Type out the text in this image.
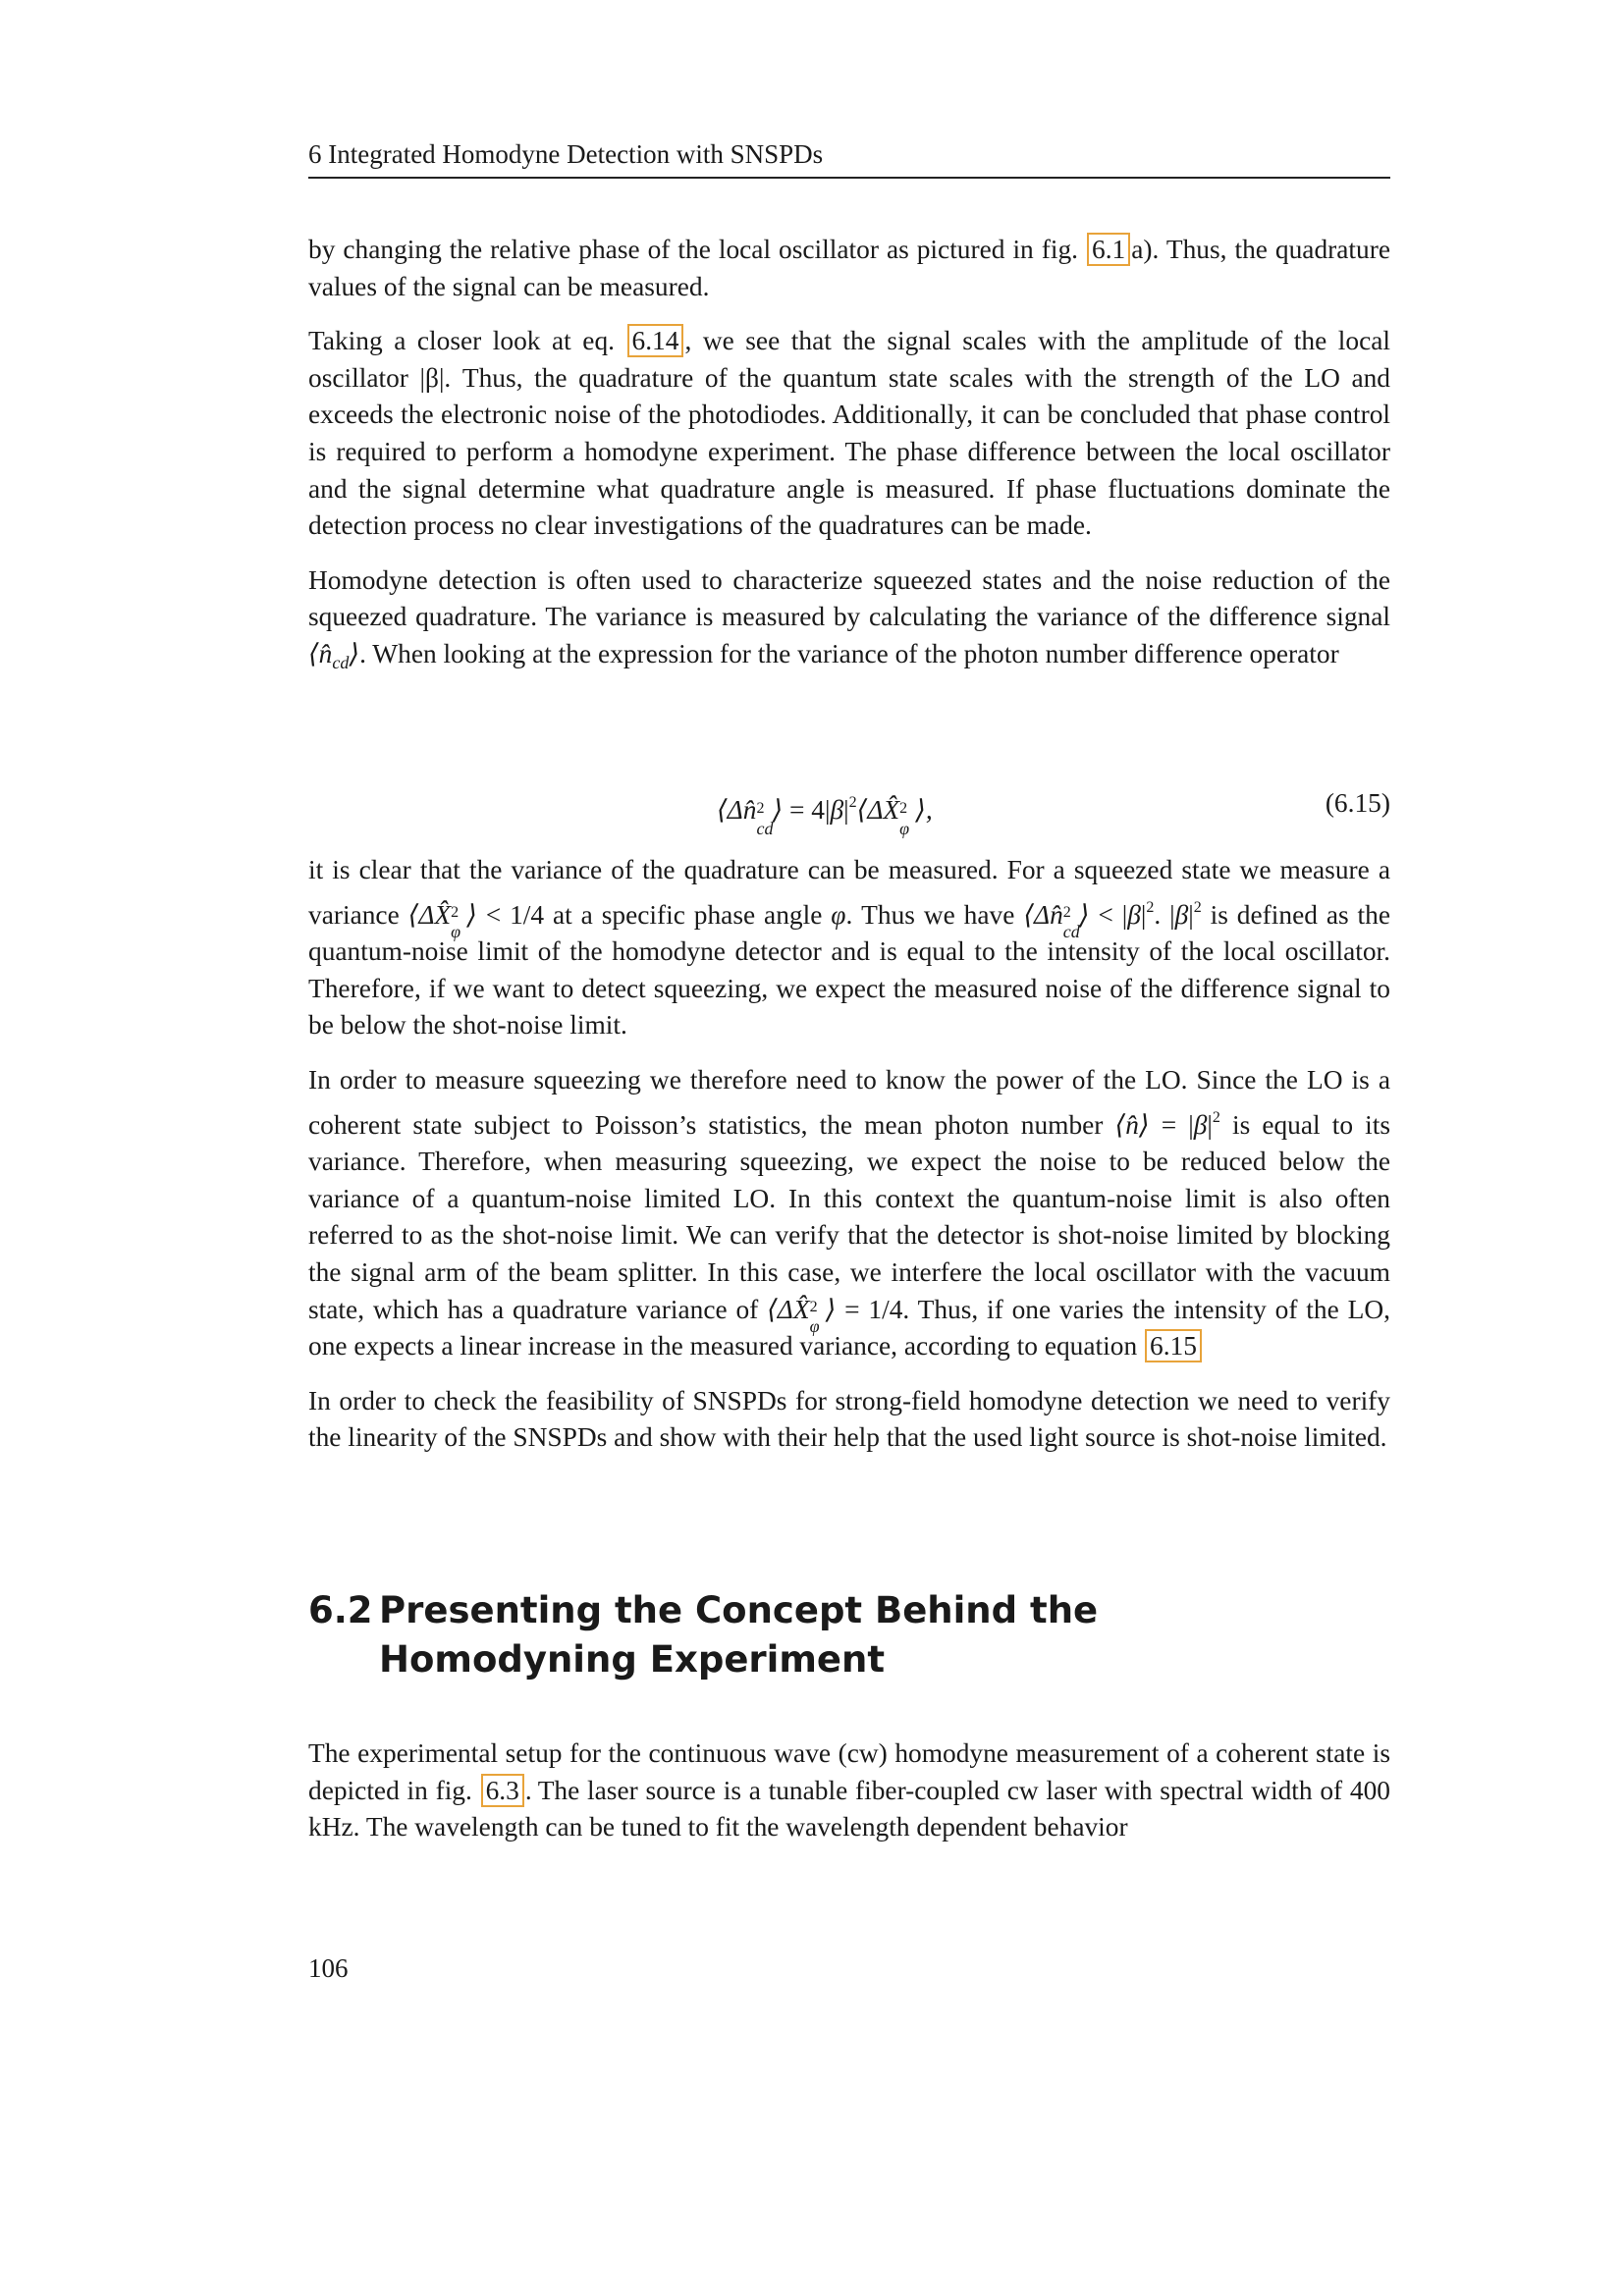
6 Integrated Homodyne Detection with SNSPDs

by changing the relative phase of the local oscillator as pictured in fig. 6.1 a). Thus, the quadrature values of the signal can be measured.

Taking a closer look at eq. 6.14 , we see that the signal scales with the amplitude of the local oscillator |β|. Thus, the quadrature of the quantum state scales with the strength of the LO and exceeds the electronic noise of the photodiodes. Additionally, it can be concluded that phase control is required to perform a homodyne experiment. The phase difference between the local oscillator and the signal determine what quadrature angle is measured. If phase fluctuations dominate the detection process no clear investigations of the quadratures can be made.

Homodyne detection is often used to characterize squeezed states and the noise reduction of the squeezed quadrature. The variance is measured by calculating the variance of the difference signal $⟨n̂_{cd}⟩$. When looking at the expression for the variance of the photon number difference operator

⟨Δn̂ 2
cd
⟩ = $4|\beta|^2⟨\Delta X̂$ 2
φ
⟩,	(6.15)

it is clear that the variance of the quadrature can be measured. For a squeezed state we measure a variance ⟨ΔX̂ 2
φ
⟩ < 1/4 at a specific phase angle φ. Thus we have ⟨Δn̂ 2
cd
⟩ < $|\beta|^2$. $|\beta|^2$ is defined as the quantum-noise limit of the homodyne detector and is equal to the intensity of the local oscillator. Therefore, if we want to detect squeezing, we expect the measured noise of the difference signal to be below the shot-noise limit.

In order to measure squeezing we therefore need to know the power of the LO. Since the LO is a coherent state subject to Poisson’s statistics, the mean photon number ⟨n̂⟩ = $|\beta|^2$ is equal to its variance. Therefore, when measuring squeezing, we expect the noise to be reduced below the variance of a quantum-noise limited LO. In this context the quantum-noise limit is also often referred to as the shot-noise limit. We can verify that the detector is shot-noise limited by blocking the signal arm of the beam splitter. In this case, we interfere the local oscillator with the vacuum state, which has a quadrature variance of ⟨ΔX̂ 2
φ
⟩ = 1/4. Thus, if one varies the intensity of the LO, one expects a linear increase in the measured variance, according to equation 6.15

In order to check the feasibility of SNSPDs for strong-field homodyne detection we need to verify the linearity of the SNSPDs and show with their help that the used light source is shot-noise limited.

6.2 Presenting the Concept Behind the Homodyning Experiment

The experimental setup for the continuous wave (cw) homodyne measurement of a coherent state is depicted in fig. 6.3 . The laser source is a tunable fiber-coupled cw laser with spectral width of 400 kHz. The wavelength can be tuned to fit the wavelength dependent behavior

106
